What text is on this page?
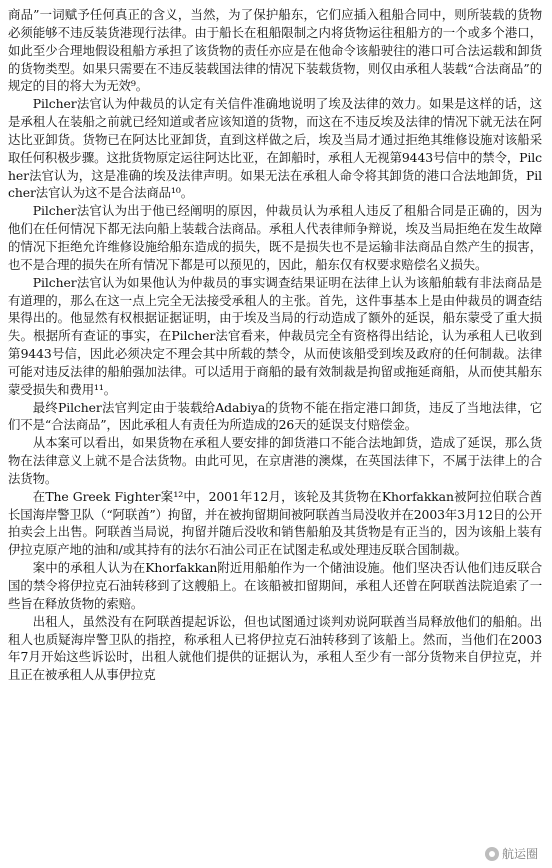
商品”一词赋予任何真正的含义，当然，为了保护船东，它们应插入租船合同中，则所装载的货物必须能够不违反装货港现行法律。由于船长在租船限制之内将货物运往租船方的一个或多个港口，如此至少合理地假设租船方承担了该货物的责任亦应是在他命令该船驶往的港口可合法运载和卸货的货物类型。如果只需要在不违反装载国法律的情况下装载货物，则仅由承租人装载“合法商品”的规定的目的将大为无效⁹。

Pilcher法官认为仲裁员的认定有关信件准确地说明了埃及法律的效力。如果是这样的话，这是承租人在装船之前就已经知道或者应该知道的货物，而这在不违反埃及法律的情况下就无法在阿达比亚卸货。货物已在阿达比亚卸货，直到这样做之后，埃及当局才通过拒绝其维修设施对该船采取任何积极步骤。这批货物原定运往阿达比亚，在卸船时，承租人无视第9443号信中的禁令，Pilcher法官认为，这是准确的埃及法律声明。如果无法在承租人命令将其卸货的港口合法地卸货，Pilcher法官认为这不是合法商品¹⁰。

Pilcher法官认为出于他已经阐明的原因，仲裁员认为承租人违反了租船合同是正确的，因为他们在任何情况下都无法向船上装载合法商品。承租人代表律师争辩说，埃及当局拒绝在发生故障的情况下拒绝允许维修设施给船东造成的损失，既不是损失也不是运输非法商品自然产生的损害，也不是合理的损失在所有情况下都是可以预见的，因此，船东仅有权要求赔偿名义损失。

Pilcher法官认为如果他认为仲裁员的事实调查结果证明在法律上认为该船舶载有非法商品是有道理的，那么在这一点上完全无法接受承租人的主张。首先，这件事基本上是由仲裁员的调查结果得出的。他显然有权根据证据证明，由于埃及当局的行动造成了额外的延误，船东蒙受了重大损失。根据所有查证的事实，在Pilcher法官看来，仲裁员完全有资格得出结论，认为承租人已收到第9443号信，因此必须决定不理会其中所载的禁令，从而使该船受到埃及政府的任何制裁。法律可能对违反法律的船舶强加法律。可以适用于商船的最有效制裁是拘留或拖延商船，从而使其船东蒙受损失和费用¹¹。

最终Pilcher法官判定由于装载给Adabiya的货物不能在指定港口卸货，违反了当地法律，它们不是“合法商品”，因此承租人有责任为所造成的26天的延误支付赔偿金。

从本案可以看出，如果货物在承租人要安排的卸货港口不能合法地卸货，造成了延误，那么货物在法律意义上就不是合法货物。由此可见，在京唐港的澳煤，在英国法律下，不属于法律上的合法货物。

在The Greek Fighter案¹²中，2001年12月，该轮及其货物在Khorfakkan被阿拉伯联合酋长国海岸警卫队（“阿联酋”）拘留，并在被拘留期间被阿联酋当局没收并在2003年3月12日的公开拍卖会上出售。阿联酋当局说，拘留并随后没收和销售船舶及其货物是有正当的，因为该船上装有伊拉克原产地的油和/或其持有的法尔石油公司正在试图走私或处理违反联合国制裁。

案中的承租人认为在Khorfakkan附近用船舶作为一个储油设施。他们坚决否认他们违反联合国的禁令将伊拉克石油转移到了这艘船上。在该船被扣留期间，承租人还曾在阿联酋法院追索了一些旨在释放货物的索赔。

出租人，虽然没有在阿联酋提起诉讼，但也试图通过谈判劝说阿联酋当局释放他们的船舶。出租人也质疑海岸警卫队的指控，称承租人已将伊拉克石油转移到了该船上。然而，当他们在2003年7月开始这些诉讼时，出租人就他们提供的证据认为，承租人至少有一部分货物来自伊拉克，并且正在被承租人从事伊拉克

航运圈
